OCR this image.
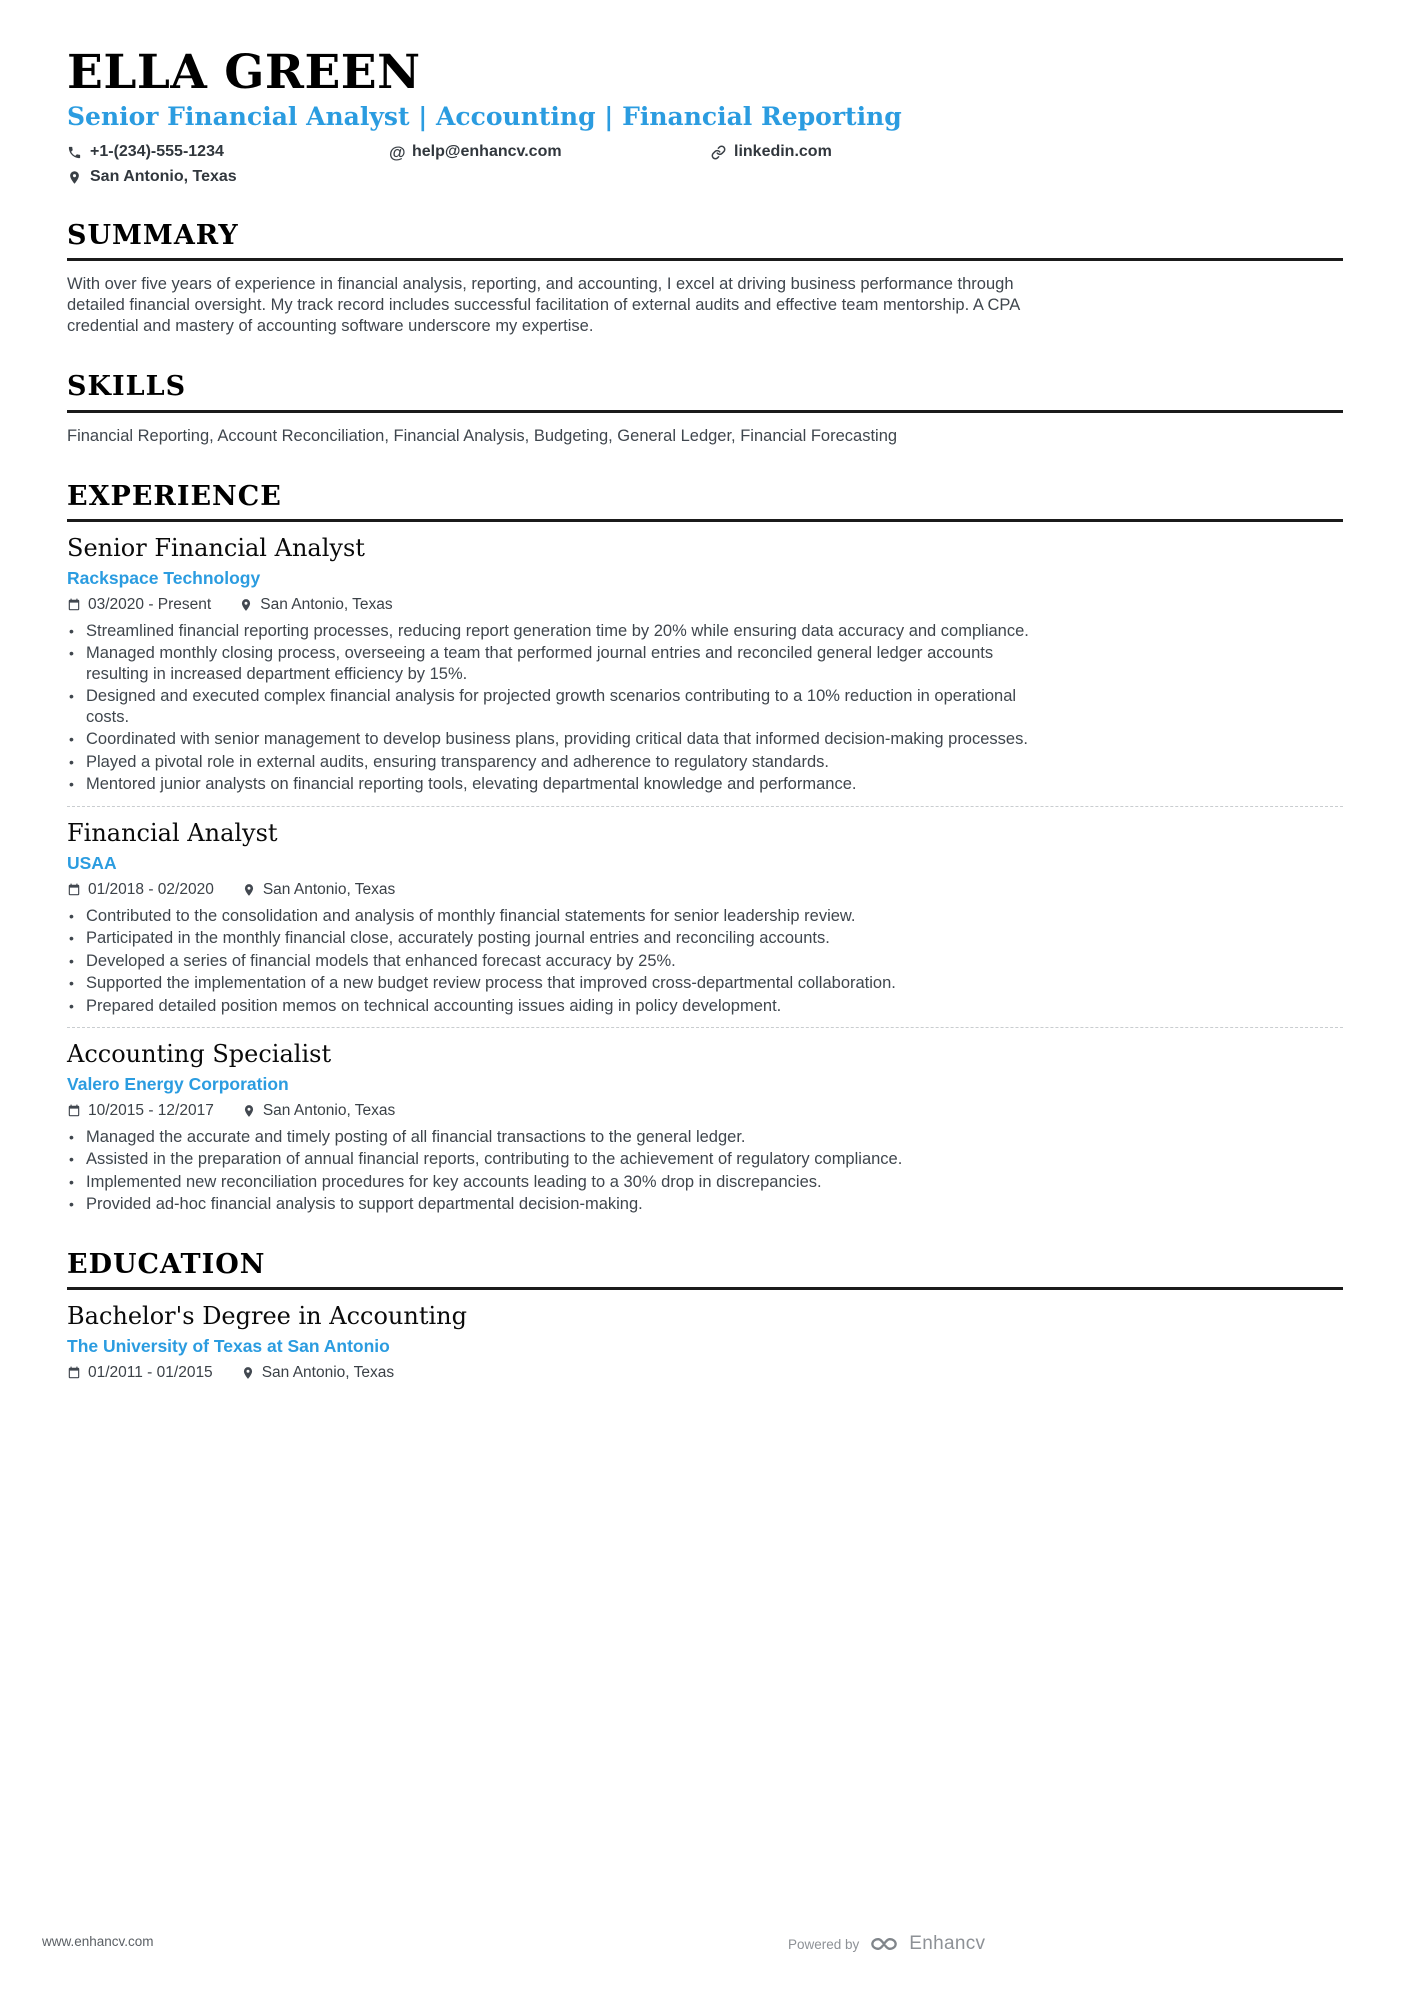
ELLA GREEN
Senior Financial Analyst | Accounting | Financial Reporting
+1-(234)-555-1234	@ help@enhancv.com	linkedin.com
San Antonio, Texas
SUMMARY

With over five years of experience in financial analysis, reporting, and accounting, I excel at driving business performance through detailed financial oversight. My track record includes successful facilitation of external audits and effective team mentorship. A CPA credential and mastery of accounting software underscore my expertise.

SKILLS

Financial Reporting, Account Reconciliation, Financial Analysis, Budgeting, General Ledger, Financial Forecasting

EXPERIENCE
Senior Financial Analyst
Rackspace Technology
03/2020 - Present	San Antonio, Texas
• Streamlined financial reporting processes, reducing report generation time by 20% while ensuring data accuracy and compliance.
• Managed monthly closing process, overseeing a team that performed journal entries and reconciled general ledger accounts resulting in increased department efficiency by 15%.
• Designed and executed complex financial analysis for projected growth scenarios contributing to a 10% reduction in operational costs.
• Coordinated with senior management to develop business plans, providing critical data that informed decision-making processes.
• Played a pivotal role in external audits, ensuring transparency and adherence to regulatory standards.
• Mentored junior analysts on financial reporting tools, elevating departmental knowledge and performance.
Financial Analyst
USAA
01/2018 - 02/2020	San Antonio, Texas
• Contributed to the consolidation and analysis of monthly financial statements for senior leadership review.
• Participated in the monthly financial close, accurately posting journal entries and reconciling accounts.
• Developed a series of financial models that enhanced forecast accuracy by 25%.
• Supported the implementation of a new budget review process that improved cross-departmental collaboration.
• Prepared detailed position memos on technical accounting issues aiding in policy development.
Accounting Specialist
Valero Energy Corporation
10/2015 - 12/2017	San Antonio, Texas
• Managed the accurate and timely posting of all financial transactions to the general ledger.
• Assisted in the preparation of annual financial reports, contributing to the achievement of regulatory compliance.
• Implemented new reconciliation procedures for key accounts leading to a 30% drop in discrepancies.
• Provided ad-hoc financial analysis to support departmental decision-making.
EDUCATION
Bachelor's Degree in Accounting
The University of Texas at San Antonio
01/2011 - 01/2015	San Antonio, Texas
www.enhancv.com	Powered by	Enhancv
